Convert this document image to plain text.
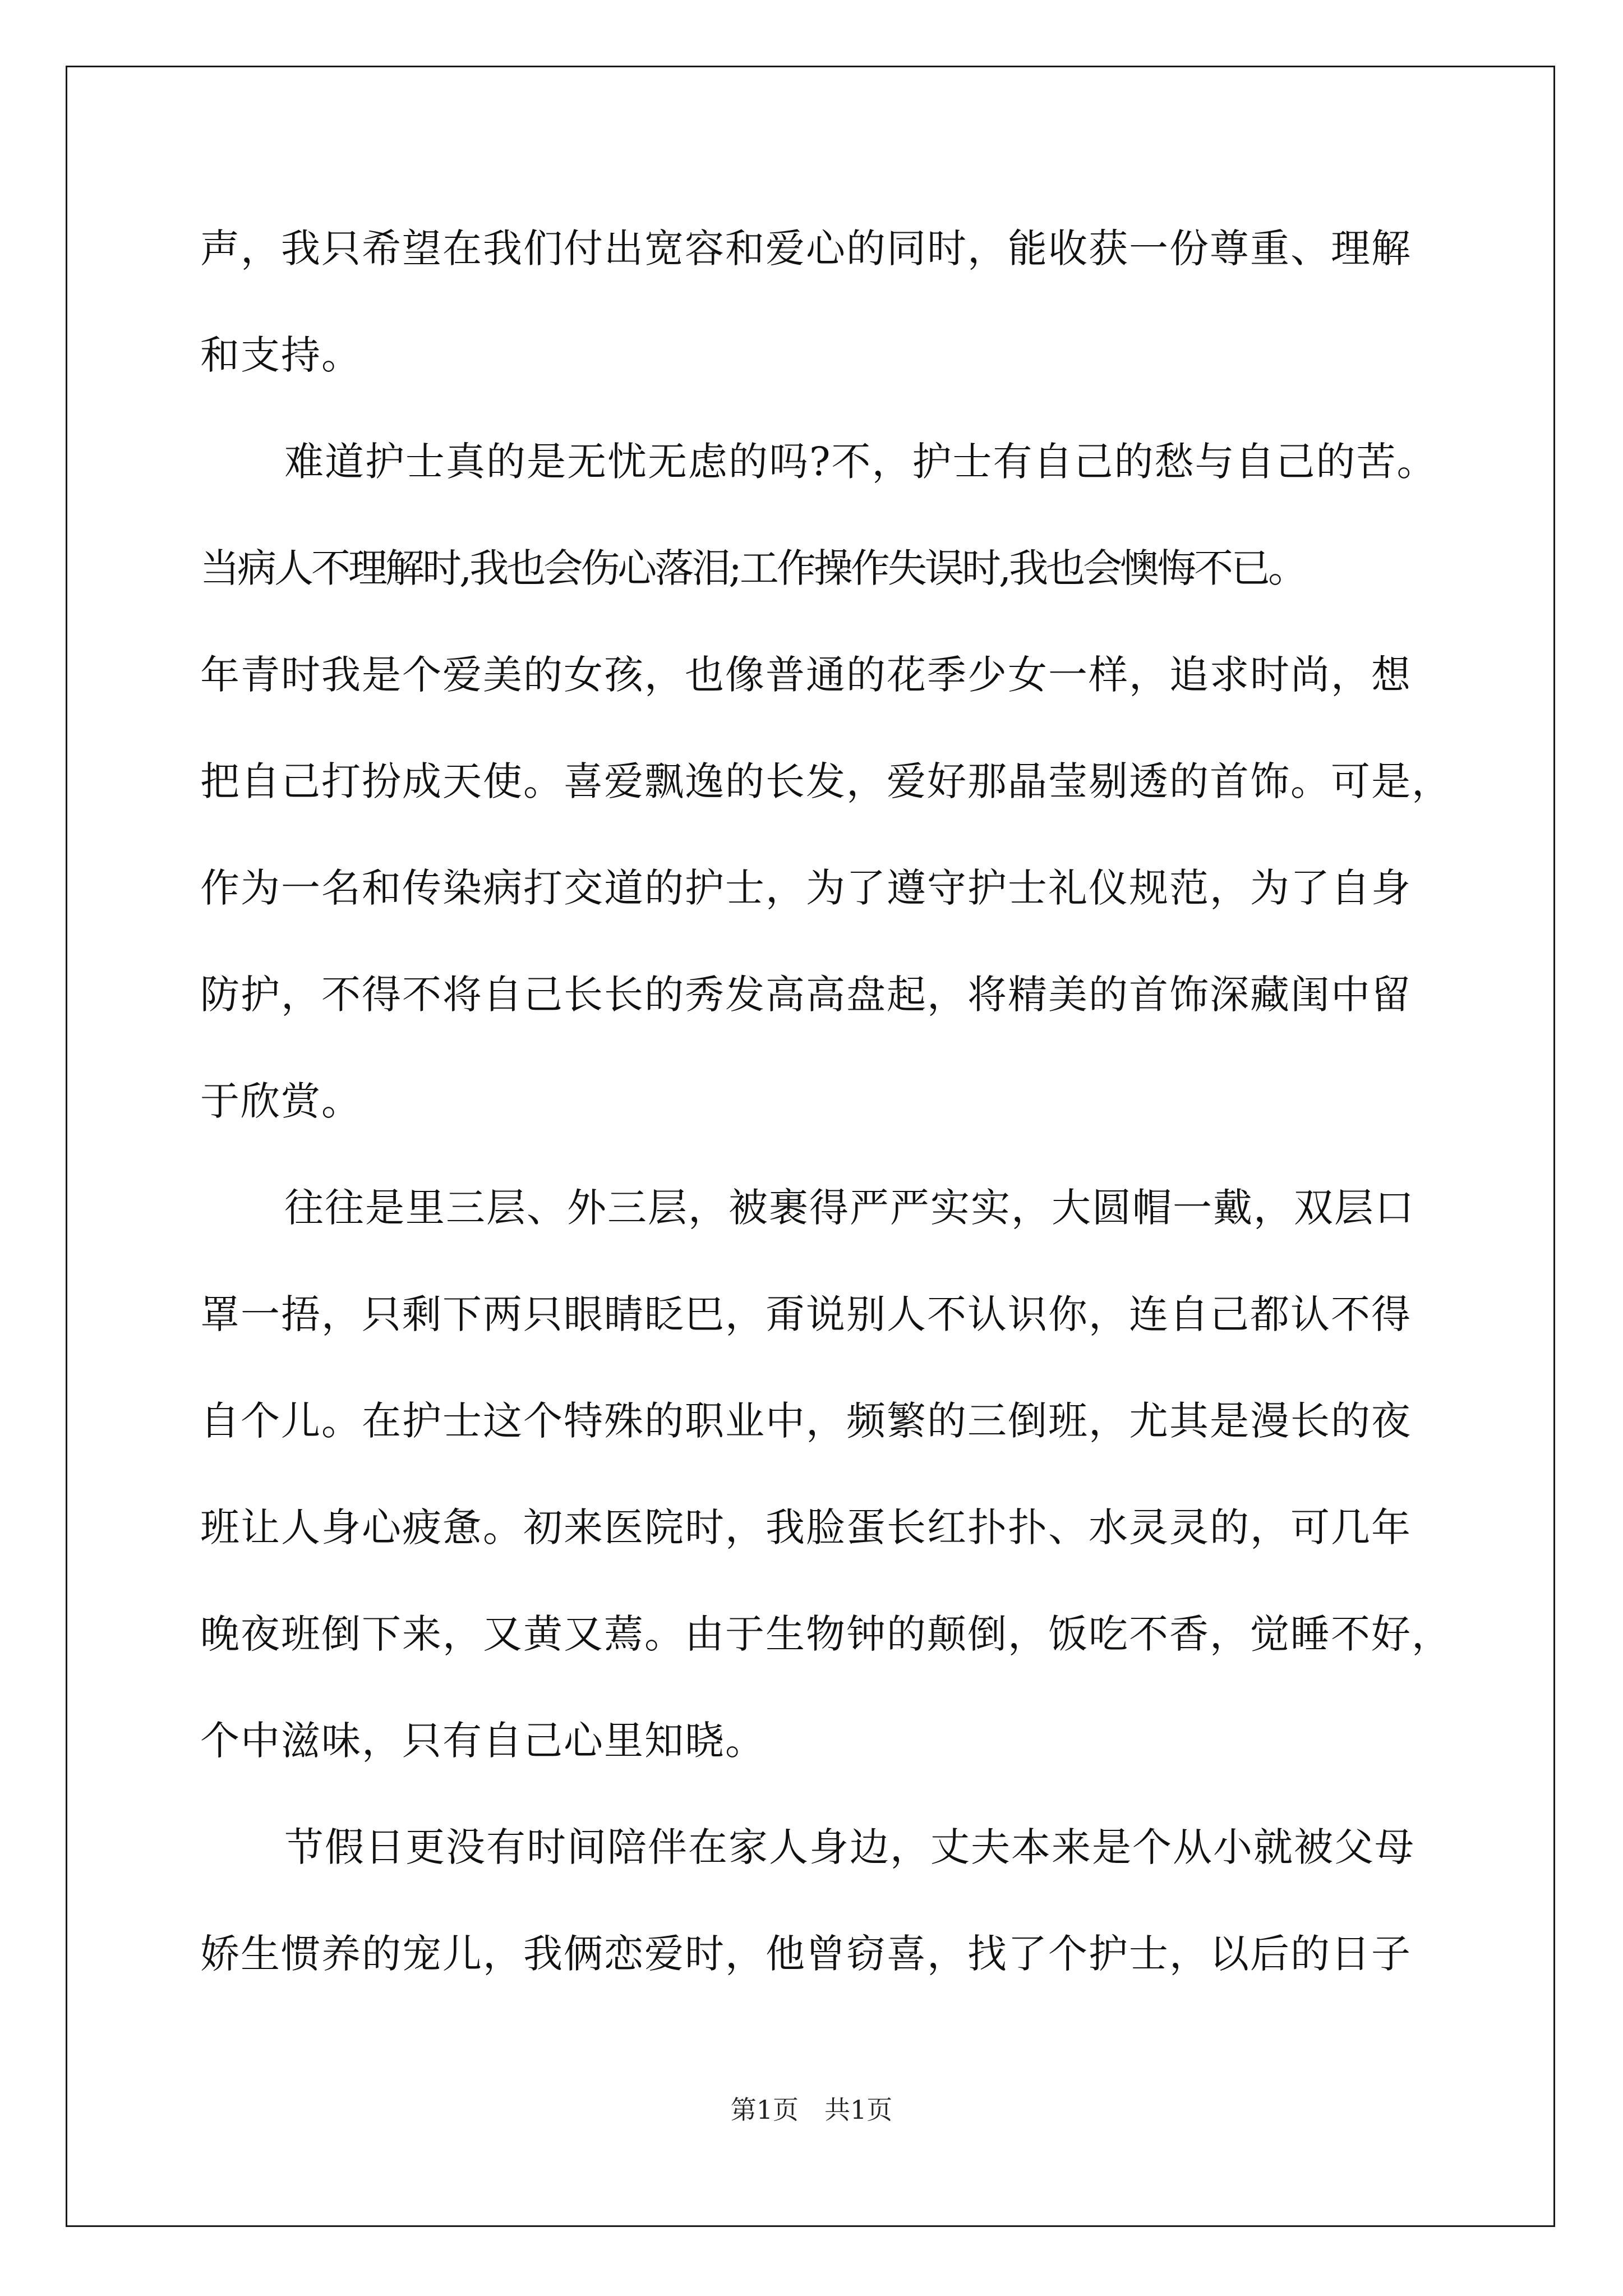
声，我只希望在我们付出宽容和爱心的同时，能收获一份尊重、理解
和支持。
难道护士真的是无忧无虑的吗?不，护士有自己的愁与自己的苦。
当病人不理解时,我也会伤心落泪;工作操作失误时,我也会懊悔不已。
年青时我是个爱美的女孩，也像普通的花季少女一样，追求时尚，想
把自己打扮成天使。喜爱飘逸的长发，爱好那晶莹剔透的首饰。可是，
作为一名和传染病打交道的护士，为了遵守护士礼仪规范，为了自身
防护，不得不将自己长长的秀发高高盘起，将精美的首饰深藏闺中留
于欣赏。
往往是里三层、外三层，被裹得严严实实，大圆帽一戴，双层口
罩一捂，只剩下两只眼睛眨巴，甭说别人不认识你，连自己都认不得
自个儿。在护士这个特殊的职业中，频繁的三倒班，尤其是漫长的夜
班让人身心疲惫。初来医院时，我脸蛋长红扑扑、水灵灵的，可几年
晚夜班倒下来，又黄又蔫。由于生物钟的颠倒，饭吃不香，觉睡不好，
个中滋味，只有自己心里知晓。
节假日更没有时间陪伴在家人身边，丈夫本来是个从小就被父母
娇生惯养的宠儿，我俩恋爱时，他曾窃喜，找了个护士，以后的日子
第1页　共1页
